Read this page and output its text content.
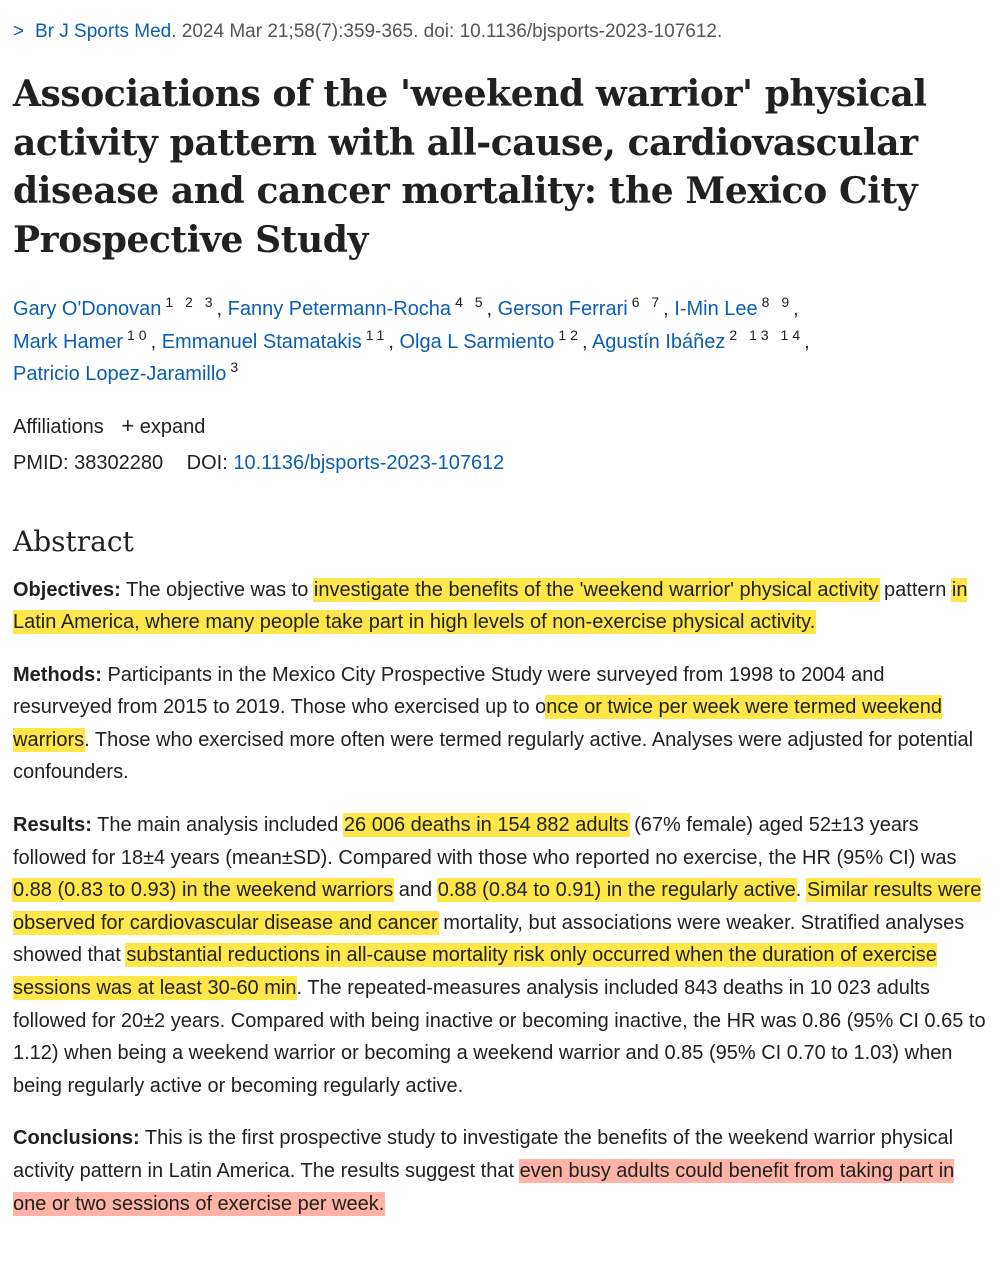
> Br J Sports Med. 2024 Mar 21;58(7):359-365. doi: 10.1136/bjsports-2023-107612.
Associations of the 'weekend warrior' physical activity pattern with all-cause, cardiovascular disease and cancer mortality: the Mexico City Prospective Study
Gary O'Donovan $^{1 2 3}$, Fanny Petermann-Rocha $^{4 5}$, Gerson Ferrari $^{6 7}$, I-Min Lee $^{8 9}$,
Mark Hamer $^{10}$, Emmanuel Stamatakis $^{11}$, Olga L Sarmiento $^{12}$, Agustín Ibáñez $^{2 13 14}$,
Patricio Lopez-Jaramillo $^3$
Affiliations + expand
PMID: 38302280 DOI: 10.1136/bjsports-2023-107612
Abstract

Objectives: The objective was to investigate the benefits of the 'weekend warrior' physical activity pattern in Latin America, where many people take part in high levels of non-exercise physical activity.

Methods: Participants in the Mexico City Prospective Study were surveyed from 1998 to 2004 and resurveyed from 2015 to 2019. Those who exercised up to once or twice per week were termed weekend warriors. Those who exercised more often were termed regularly active. Analyses were adjusted for potential confounders.

Results: The main analysis included 26 006 deaths in 154 882 adults (67% female) aged 52±13 years followed for 18±4 years (mean±SD). Compared with those who reported no exercise, the HR (95% CI) was 0.88 (0.83 to 0.93) in the weekend warriors and 0.88 (0.84 to 0.91) in the regularly active. Similar results were observed for cardiovascular disease and cancer mortality, but associations were weaker. Stratified analyses showed that substantial reductions in all-cause mortality risk only occurred when the duration of exercise sessions was at least 30-60 min. The repeated-measures analysis included 843 deaths in 10 023 adults followed for 20±2 years. Compared with being inactive or becoming inactive, the HR was 0.86 (95% CI 0.65 to 1.12) when being a weekend warrior or becoming a weekend warrior and 0.85 (95% CI 0.70 to 1.03) when being regularly active or becoming regularly active.

Conclusions: This is the first prospective study to investigate the benefits of the weekend warrior physical activity pattern in Latin America. The results suggest that even busy adults could benefit from taking part in one or two sessions of exercise per week.
